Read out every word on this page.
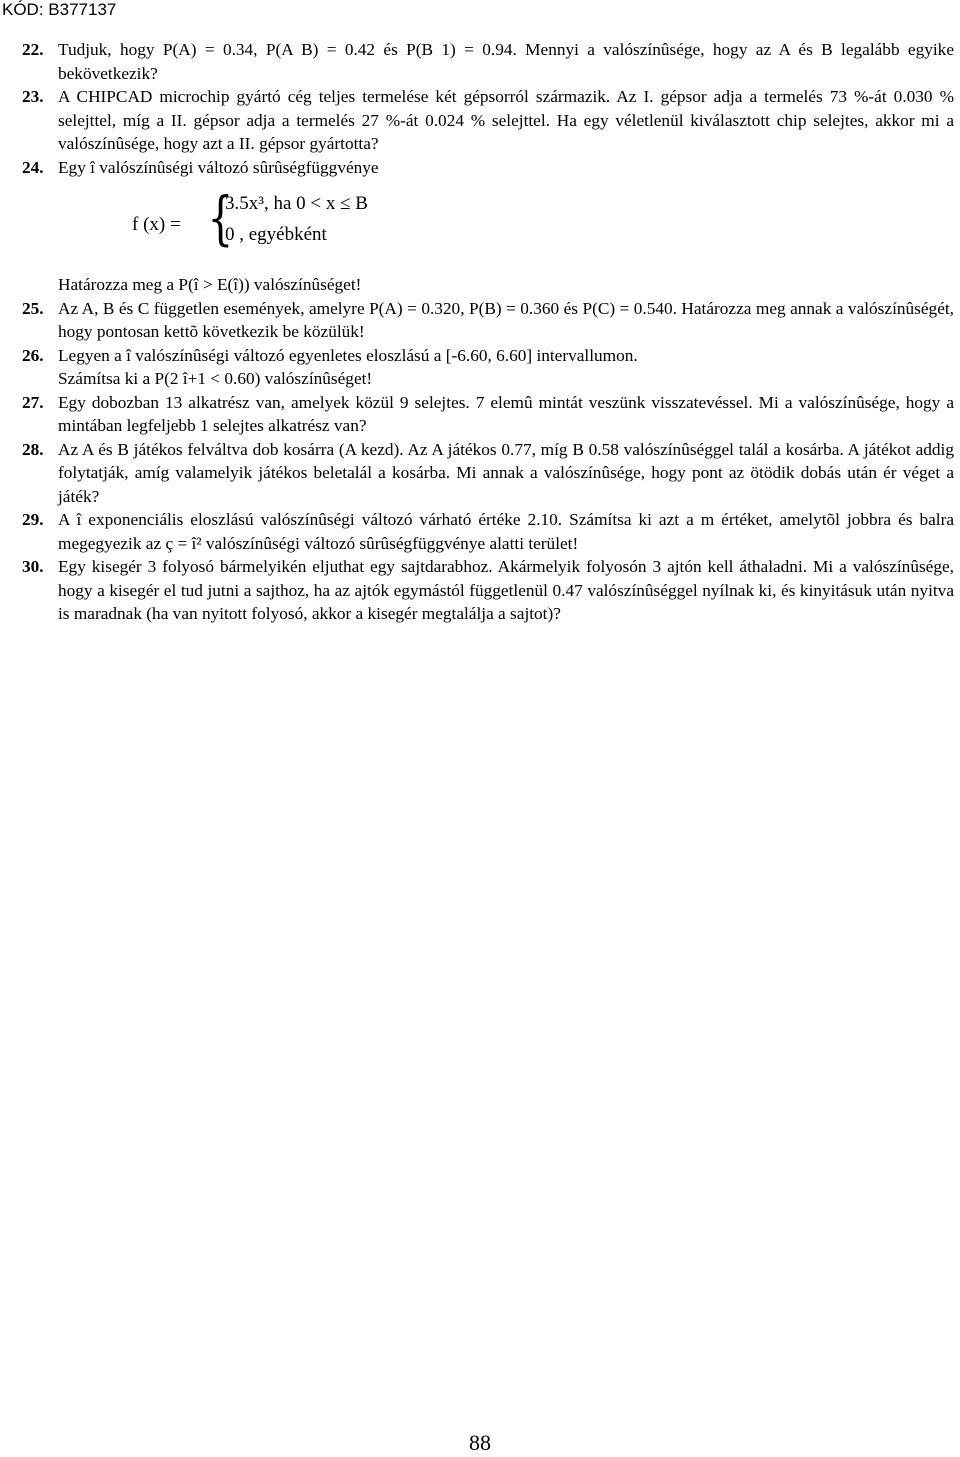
KÓD: B377137
22. Tudjuk, hogy P(A) = 0.34, P(A B) = 0.42 és P(B 1) = 0.94. Mennyi a valószínûsége, hogy az A és B legalább egyike bekövetkezik?
23. A CHIPCAD microchip gyártó cég teljes termelése két gépsorról származik. Az I. gépsor adja a termelés 73 %-át 0.030 % selejttel, míg a II. gépsor adja a termelés 27 %-át 0.024 % selejttel. Ha egy véletlenül kiválasztott chip selejtes, akkor mi a valószínûsége, hogy azt a II. gépsor gyártotta?
24. Egy î valószínûségi változó sûrûségfüggvénye
f (x) = {
3.5x³, ha 0 < x ≤ B
0 , egyébként
Határozza meg a P(î > E(î)) valószínûséget!
25. Az A, B és C független események, amelyre P(A) = 0.320, P(B) = 0.360 és P(C) = 0.540. Határozza meg annak a valószínûségét, hogy pontosan kettõ következik be közülük!
26. Legyen a î valószínûségi változó egyenletes eloszlású a [-6.60, 6.60] intervallumon.
Számítsa ki a P(2 î+1 < 0.60) valószínûséget!
27. Egy dobozban 13 alkatrész van, amelyek közül 9 selejtes. 7 elemû mintát veszünk visszatevéssel. Mi a valószínûsége, hogy a mintában legfeljebb 1 selejtes alkatrész van?
28. Az A és B játékos felváltva dob kosárra (A kezd). Az A játékos 0.77, míg B 0.58 valószínûséggel talál a kosárba. A játékot addig folytatják, amíg valamelyik játékos beletalál a kosárba. Mi annak a valószínûsége, hogy pont az ötödik dobás után ér véget a játék?
29. A î exponenciális eloszlású valószínûségi változó várható értéke 2.10. Számítsa ki azt a m értéket, amelytõl jobbra és balra megegyezik az ç = î² valószínûségi változó sûrûségfüggvénye alatti terület!
30. Egy kisegér 3 folyosó bármelyikén eljuthat egy sajtdarabhoz. Akármelyik folyosón 3 ajtón kell áthaladni. Mi a valószínûsége, hogy a kisegér el tud jutni a sajthoz, ha az ajtók egymástól függetlenül 0.47 valószínûséggel nyílnak ki, és kinyitásuk után nyitva is maradnak (ha van nyitott folyosó, akkor a kisegér megtalálja a sajtot)?
88
